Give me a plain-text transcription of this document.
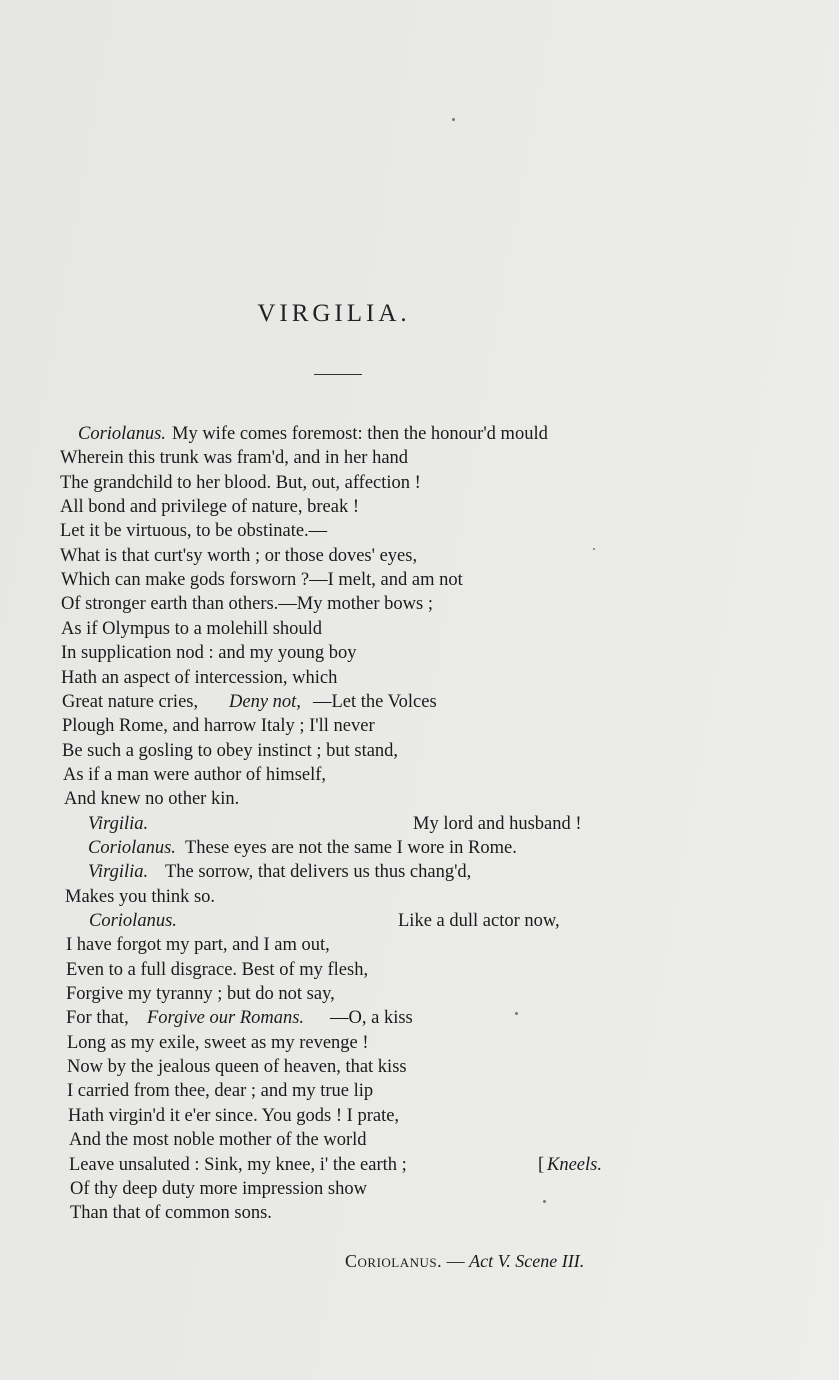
VIRGILIA.
Coriolanus. My wife comes foremost: then the honour'd mould
Wherein this trunk was fram'd, and in her hand
The grandchild to her blood. But, out, affection !
All bond and privilege of nature, break !
Let it be virtuous, to be obstinate.—
What is that curt'sy worth ; or those doves' eyes,
Which can make gods forsworn ?—I melt, and am not
Of stronger earth than others.—My mother bows ;
As if Olympus to a molehill should
In supplication nod : and my young boy
Hath an aspect of intercession, which
Great nature cries, Deny not, —Let the Volces
Plough Rome, and harrow Italy ; I'll never
Be such a gosling to obey instinct ; but stand,
As if a man were author of himself,
And knew no other kin.
Virgilia.	My lord and husband !
Coriolanus. These eyes are not the same I wore in Rome.
Virgilia. The sorrow, that delivers us thus chang'd,
Makes you think so.
Coriolanus.	Like a dull actor now,
I have forgot my part, and I am out,
Even to a full disgrace. Best of my flesh,
Forgive my tyranny ; but do not say,
For that, Forgive our Romans. —O, a kiss
Long as my exile, sweet as my revenge !
Now by the jealous queen of heaven, that kiss
I carried from thee, dear ; and my true lip
Hath virgin'd it e'er since. You gods ! I prate,
And the most noble mother of the world
Leave unsaluted : Sink, my knee, i' the earth ;	[ Kneels.
Of thy deep duty more impression show
Than that of common sons.
Coriolanus. — Act V. Scene III.
